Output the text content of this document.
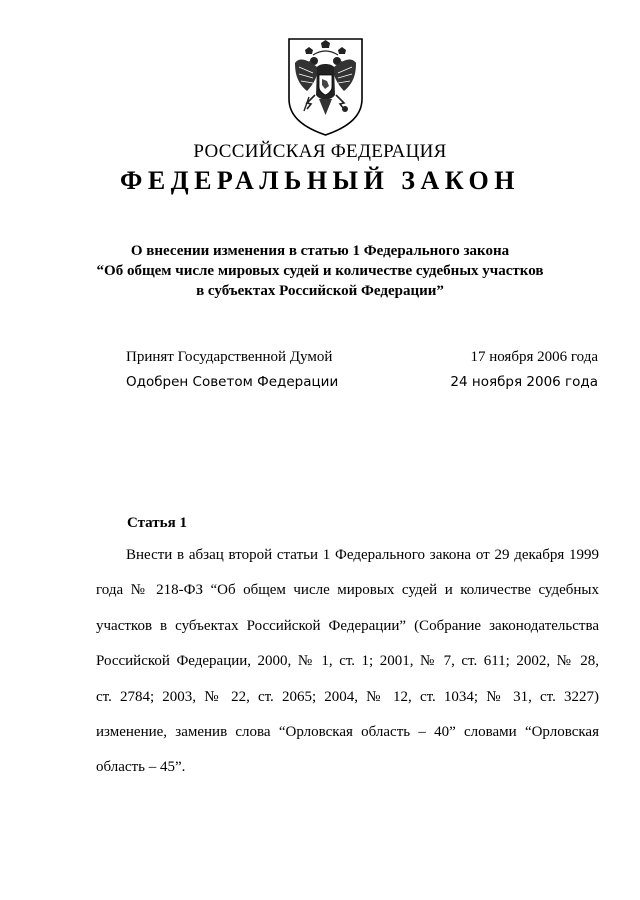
РОССИЙСКАЯ ФЕДЕРАЦИЯ
ФЕДЕРАЛЬНЫЙ ЗАКОН
О внесении изменения в статью 1 Федерального закона
“Об общем числе мировых судей и количестве судебных участков
в субъектах Российской Федерации”
Принят Государственной Думой	17 ноября 2006 года
Одобрен Советом Федерации	24 ноября 2006 года
Статья 1
Внести в абзац второй статьи 1 Федерального закона от 29 декабря 1999
года № 218-ФЗ “Об общем числе мировых судей и количестве судебных
участков в субъектах Российской Федерации” (Собрание законодательства
Российской Федерации, 2000, № 1, ст. 1; 2001, № 7, ст. 611; 2002, № 28,
ст. 2784; 2003, № 22, ст. 2065; 2004, № 12, ст. 1034; № 31, ст. 3227)
изменение, заменив слова “Орловская область – 40” словами “Орловская
область – 45”.
